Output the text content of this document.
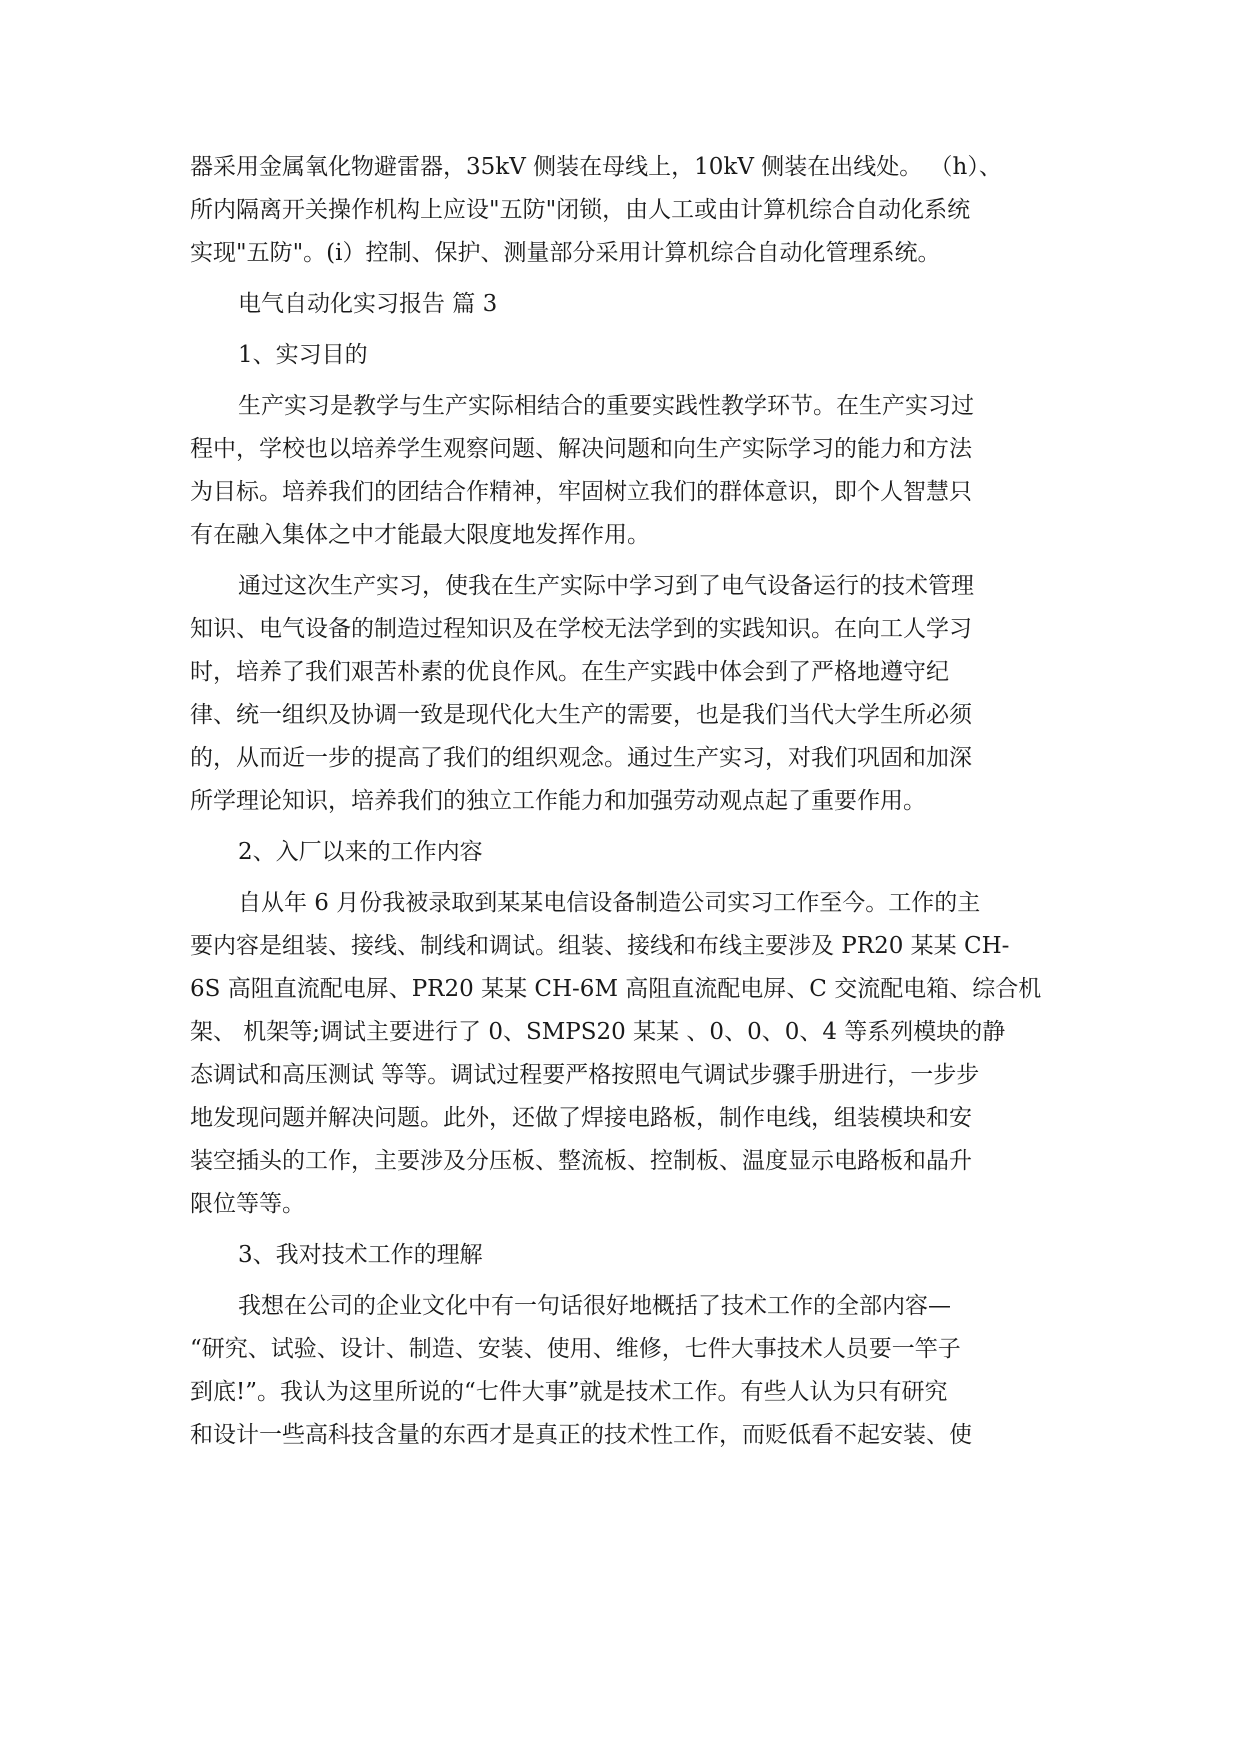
器采用金属氧化物避雷器，35kV 侧装在母线上，10kV 侧装在出线处。 （h）、
所内隔离开关操作机构上应设"五防"闭锁，由人工或由计算机综合自动化系统
实现"五防"。(i）控制、保护、测量部分采用计算机综合自动化管理系统。
电气自动化实习报告 篇 3
1、实习目的
生产实习是教学与生产实际相结合的重要实践性教学环节。在生产实习过
程中，学校也以培养学生观察问题、解决问题和向生产实际学习的能力和方法
为目标。培养我们的团结合作精神，牢固树立我们的群体意识，即个人智慧只
有在融入集体之中才能最大限度地发挥作用。
通过这次生产实习，使我在生产实际中学习到了电气设备运行的技术管理
知识、电气设备的制造过程知识及在学校无法学到的实践知识。在向工人学习
时，培养了我们艰苦朴素的优良作风。在生产实践中体会到了严格地遵守纪
律、统一组织及协调一致是现代化大生产的需要，也是我们当代大学生所必须
的，从而近一步的提高了我们的组织观念。通过生产实习，对我们巩固和加深
所学理论知识，培养我们的独立工作能力和加强劳动观点起了重要作用。
2、入厂以来的工作内容
自从年 6 月份我被录取到某某电信设备制造公司实习工作至今。工作的主
要内容是组装、接线、制线和调试。组装、接线和布线主要涉及 PR20 某某 CH-
6S 高阻直流配电屏、PR20 某某 CH-6M 高阻直流配电屏、C 交流配电箱、综合机
架、 机架等;调试主要进行了 0、SMPS20 某某 、0、0、0、4 等系列模块的静
态调试和高压测试 等等。调试过程要严格按照电气调试步骤手册进行，一步步
地发现问题并解决问题。此外，还做了焊接电路板，制作电线，组装模块和安
装空插头的工作，主要涉及分压板、整流板、控制板、温度显示电路板和晶升
限位等等。
3、我对技术工作的理解
我想在公司的企业文化中有一句话很好地概括了技术工作的全部内容—
“研究、试验、设计、制造、安装、使用、维修，七件大事技术人员要一竿子
到底!”。我认为这里所说的“七件大事”就是技术工作。有些人认为只有研究
和设计一些高科技含量的东西才是真正的技术性工作，而贬低看不起安装、使
